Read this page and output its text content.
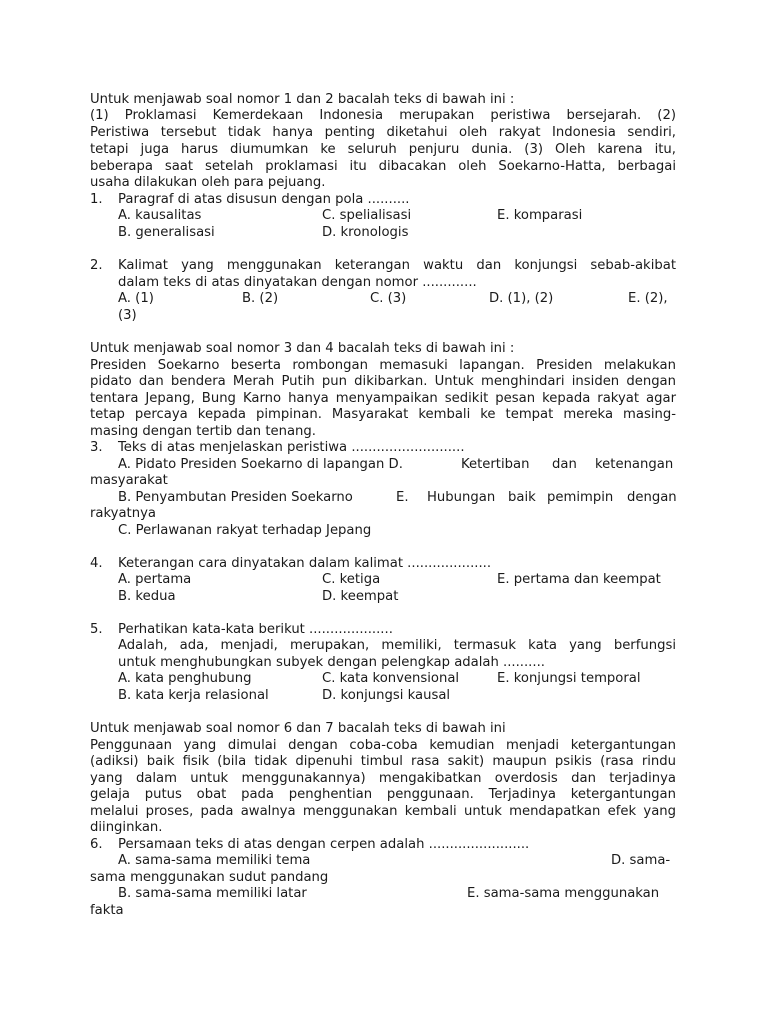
Untuk menjawab soal nomor 1 dan 2 bacalah teks di bawah ini :
(1) Proklamasi Kemerdekaan Indonesia merupakan peristiwa bersejarah. (2)
Peristiwa tersebut tidak hanya penting diketahui oleh rakyat Indonesia sendiri,
tetapi juga harus diumumkan ke seluruh penjuru dunia. (3) Oleh karena itu,
beberapa saat setelah proklamasi itu dibacakan oleh Soekarno-Hatta, berbagai
usaha dilakukan oleh para pejuang.
1.	Paragraf di atas disusun dengan pola ..........
A. kausalitas	C. spelialisasi	E. komparasi
B. generalisasi	D. kronologis
2.	Kalimat yang menggunakan keterangan waktu dan konjungsi sebab-akibat
dalam teks di atas dinyatakan dengan nomor .............
A. (1)	B. (2)	C. (3)	D. (1), (2)	E. (2),
(3)
Untuk menjawab soal nomor 3 dan 4 bacalah teks di bawah ini :
Presiden Soekarno beserta rombongan memasuki lapangan. Presiden melakukan
pidato dan bendera Merah Putih pun dikibarkan. Untuk menghindari insiden dengan
tentara Jepang, Bung Karno hanya menyampaikan sedikit pesan kepada rakyat agar
tetap percaya kepada pimpinan. Masyarakat kembali ke tempat mereka masing-
masing dengan tertib dan tenang.
3.	Teks di atas menjelaskan peristiwa ...........................
A. Pidato Presiden Soekarno di lapangan D.	Ketertiban dan ketenangan
masyarakat
B. Penyambutan Presiden Soekarno	E. Hubungan baik pemimpin dengan
rakyatnya
C. Perlawanan rakyat terhadap Jepang
4.	Keterangan cara dinyatakan dalam kalimat ....................
A. pertama	C. ketiga	E. pertama dan keempat
B. kedua	D. keempat
5.	Perhatikan kata-kata berikut ....................
Adalah, ada, menjadi, merupakan, memiliki, termasuk kata yang berfungsi
untuk menghubungkan subyek dengan pelengkap adalah ..........
A. kata penghubung	C. kata konvensional	E. konjungsi temporal
B. kata kerja relasional	D. konjungsi kausal
Untuk menjawab soal nomor 6 dan 7 bacalah teks di bawah ini
Penggunaan yang dimulai dengan coba-coba kemudian menjadi ketergantungan
(adiksi) baik fisik (bila tidak dipenuhi timbul rasa sakit) maupun psikis (rasa rindu
yang dalam untuk menggunakannya) mengakibatkan overdosis dan terjadinya
gelaja putus obat pada penghentian penggunaan. Terjadinya ketergantungan
melalui proses, pada awalnya menggunakan kembali untuk mendapatkan efek yang
diinginkan.
6.	Persamaan teks di atas dengan cerpen adalah ........................
A. sama-sama memiliki tema	D. sama-
sama menggunakan sudut pandang
B. sama-sama memiliki latar	E. sama-sama menggunakan
fakta
